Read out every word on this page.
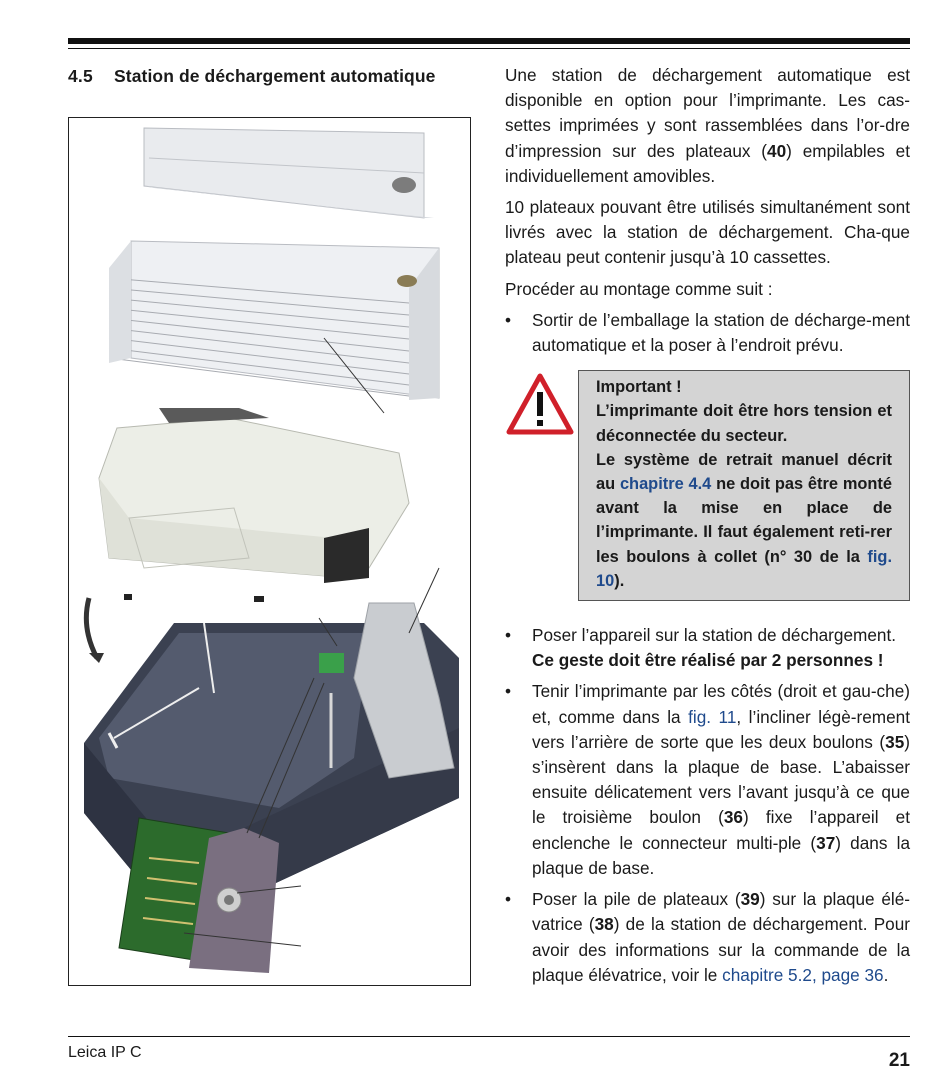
4.5 Station de déchargement automatique	Une station de déchargement automatique est disponible en option pour l’imprimante. Les cas-settes imprimées y sont rassemblées dans l’or-dre d’impression sur des plateaux (40) empilables et individuellement amovibles.

10 plateaux pouvant être utilisés simultanément sont livrés avec la station de déchargement. Cha-que plateau peut contenir jusqu’à 10 cassettes.

Procéder au montage comme suit :

• Sortir de l’emballage la station de décharge-ment automatique et la poser à l’endroit prévu.
Important !
L’imprimante doit être hors tension et déconnectée du secteur.
Le système de retrait manuel décrit au chapitre 4.4 ne doit pas être monté avant la mise en place de l’imprimante. Il faut également reti-rer les boulons à collet (n° 30 de la fig. 10).
• Poser l’appareil sur la station de déchargement.
Ce geste doit être réalisé par 2 personnes !
• Tenir l’imprimante par les côtés (droit et gau-che) et, comme dans la fig. 11, l’incliner légè-rement vers l’arrière de sorte que les deux boulons (35) s’insèrent dans la plaque de base. L’abaisser ensuite délicatement vers l’avant jusqu’à ce que le troisième boulon (36) fixe l’appareil et enclenche le connecteur multi-ple (37) dans la plaque de base.
• Poser la pile de plateaux (39) sur la plaque élé-vatrice (38) de la station de déchargement. Pour avoir des informations sur la commande de la plaque élévatrice, voir le chapitre 5.2, page 36.
Leica IP C	21
